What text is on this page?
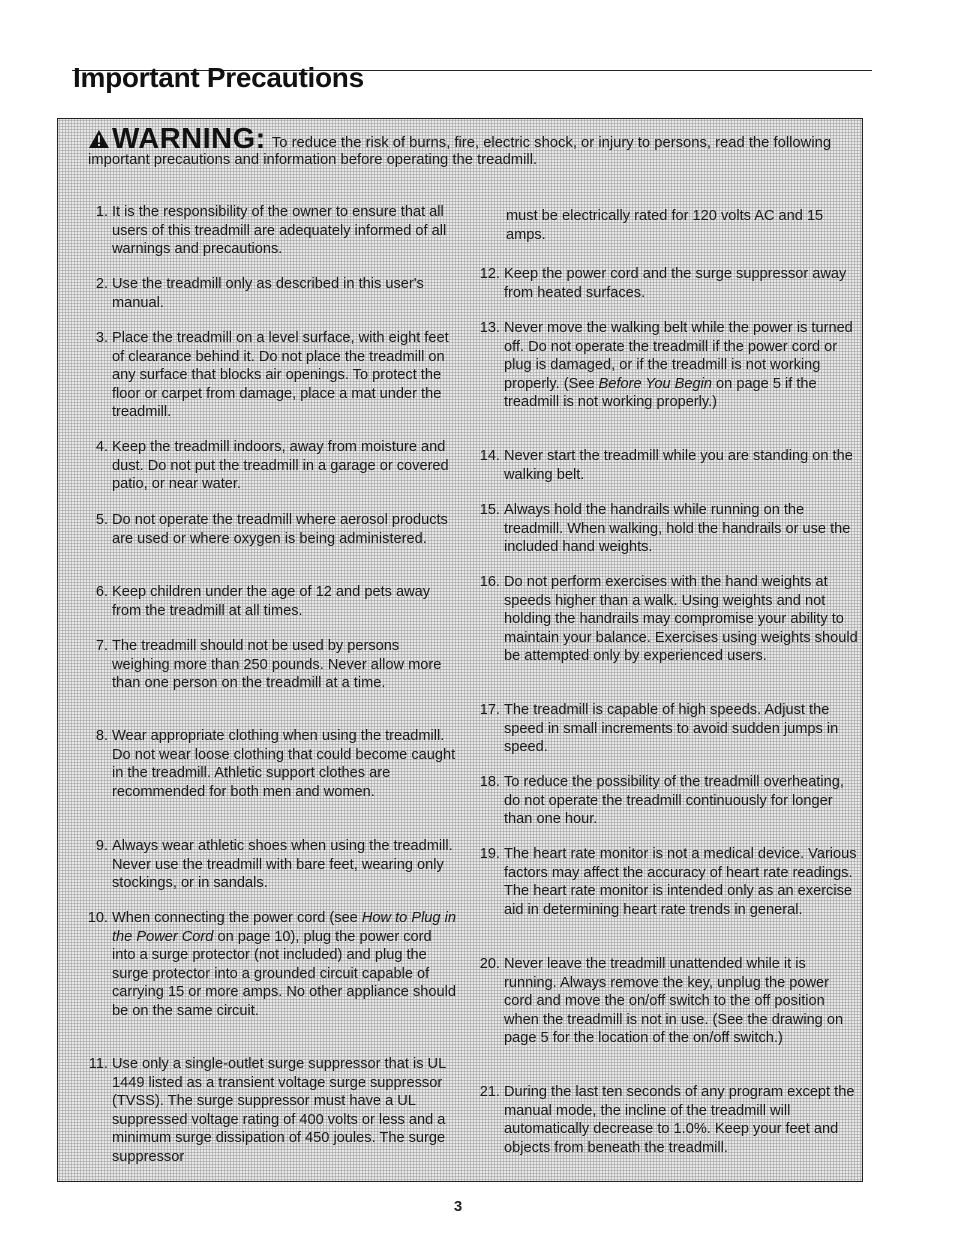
Important Precautions
WARNING: To reduce the risk of burns, fire, electric shock, or injury to persons, read the following important precautions and information before operating the treadmill.
1. It is the responsibility of the owner to ensure that all users of this treadmill are adequately informed of all warnings and precautions.
2. Use the treadmill only as described in this user's manual.
3. Place the treadmill on a level surface, with eight feet of clearance behind it. Do not place the treadmill on any surface that blocks air openings. To protect the floor or carpet from damage, place a mat under the treadmill.
4. Keep the treadmill indoors, away from moisture and dust. Do not put the treadmill in a garage or covered patio, or near water.
5. Do not operate the treadmill where aerosol products are used or where oxygen is being administered.
6. Keep children under the age of 12 and pets away from the treadmill at all times.
7. The treadmill should not be used by persons weighing more than 250 pounds. Never allow more than one person on the treadmill at a time.
8. Wear appropriate clothing when using the treadmill. Do not wear loose clothing that could become caught in the treadmill. Athletic support clothes are recommended for both men and women.
9. Always wear athletic shoes when using the treadmill. Never use the treadmill with bare feet, wearing only stockings, or in sandals.
10. When connecting the power cord (see How to Plug in the Power Cord on page 10), plug the power cord into a surge protector (not included) and plug the surge protector into a grounded circuit capable of carrying 15 or more amps. No other appliance should be on the same circuit.
11. Use only a single-outlet surge suppressor that is UL 1449 listed as a transient voltage surge suppressor (TVSS). The surge suppressor must have a UL suppressed voltage rating of 400 volts or less and a minimum surge dissipation of 450 joules. The surge suppressor
must be electrically rated for 120 volts AC and 15 amps.
12. Keep the power cord and the surge suppressor away from heated surfaces.
13. Never move the walking belt while the power is turned off. Do not operate the treadmill if the power cord or plug is damaged, or if the treadmill is not working properly. (See Before You Begin on page 5 if the treadmill is not working properly.)
14. Never start the treadmill while you are standing on the walking belt.
15. Always hold the handrails while running on the treadmill. When walking, hold the handrails or use the included hand weights.
16. Do not perform exercises with the hand weights at speeds higher than a walk. Using weights and not holding the handrails may compromise your ability to maintain your balance. Exercises using weights should be attempted only by experienced users.
17. The treadmill is capable of high speeds. Adjust the speed in small increments to avoid sudden jumps in speed.
18. To reduce the possibility of the treadmill overheating, do not operate the treadmill continuously for longer than one hour.
19. The heart rate monitor is not a medical device. Various factors may affect the accuracy of heart rate readings. The heart rate monitor is intended only as an exercise aid in determining heart rate trends in general.
20. Never leave the treadmill unattended while it is running. Always remove the key, unplug the power cord and move the on/off switch to the off position when the treadmill is not in use. (See the drawing on page 5 for the location of the on/off switch.)
21. During the last ten seconds of any program except the manual mode, the incline of the treadmill will automatically decrease to 1.0%. Keep your feet and objects from beneath the treadmill.
3
